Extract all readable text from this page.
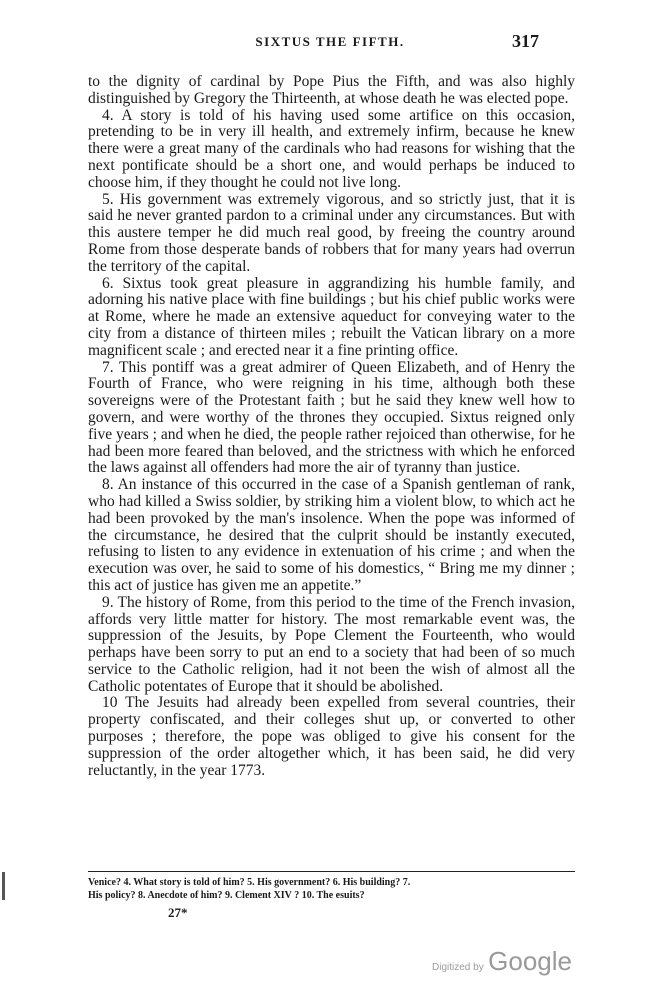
SIXTUS THE FIFTH.	317

to the dignity of cardinal by Pope Pius the Fifth, and was also highly distinguished by Gregory the Thirteenth, at whose death he was elected pope.

4. A story is told of his having used some artifice on this occasion, pretending to be in very ill health, and extremely infirm, because he knew there were a great many of the cardinals who had reasons for wishing that the next pontificate should be a short one, and would perhaps be induced to choose him, if they thought he could not live long.

5. His government was extremely vigorous, and so strictly just, that it is said he never granted pardon to a criminal under any circumstances. But with this austere temper he did much real good, by freeing the country around Rome from those desperate bands of robbers that for many years had overrun the territory of the capital.

6. Sixtus took great pleasure in aggrandizing his humble family, and adorning his native place with fine buildings ; but his chief public works were at Rome, where he made an extensive aqueduct for conveying water to the city from a distance of thirteen miles ; rebuilt the Vatican library on a more magnificent scale ; and erected near it a fine printing office.

7. This pontiff was a great admirer of Queen Elizabeth, and of Henry the Fourth of France, who were reigning in his time, although both these sovereigns were of the Protestant faith ; but he said they knew well how to govern, and were worthy of the thrones they occupied. Sixtus reigned only five years ; and when he died, the people rather rejoiced than otherwise, for he had been more feared than beloved, and the strictness with which he enforced the laws against all offenders had more the air of tyranny than justice.

8. An instance of this occurred in the case of a Spanish gentleman of rank, who had killed a Swiss soldier, by striking him a violent blow, to which act he had been provoked by the man's insolence. When the pope was informed of the circumstance, he desired that the culprit should be instantly executed, refusing to listen to any evidence in extenuation of his crime ; and when the execution was over, he said to some of his domestics, “ Bring me my dinner ; this act of justice has given me an appetite.”

9. The history of Rome, from this period to the time of the French invasion, affords very little matter for history. The most remarkable event was, the suppression of the Jesuits, by Pope Clement the Fourteenth, who would perhaps have been sorry to put an end to a society that had been of so much service to the Catholic religion, had it not been the wish of almost all the Catholic potentates of Europe that it should be abolished.

10 The Jesuits had already been expelled from several countries, their property confiscated, and their colleges shut up, or converted to other purposes ; therefore, the pope was obliged to give his consent for the suppression of the order altogether which, it has been said, he did very reluctantly, in the year 1773.

Venice? 4. What story is told of him? 5. His government? 6. His building? 7.
His policy? 8. Anecdote of him? 9. Clement XIV ? 10. The esuits?
27*
Digitized by Google
